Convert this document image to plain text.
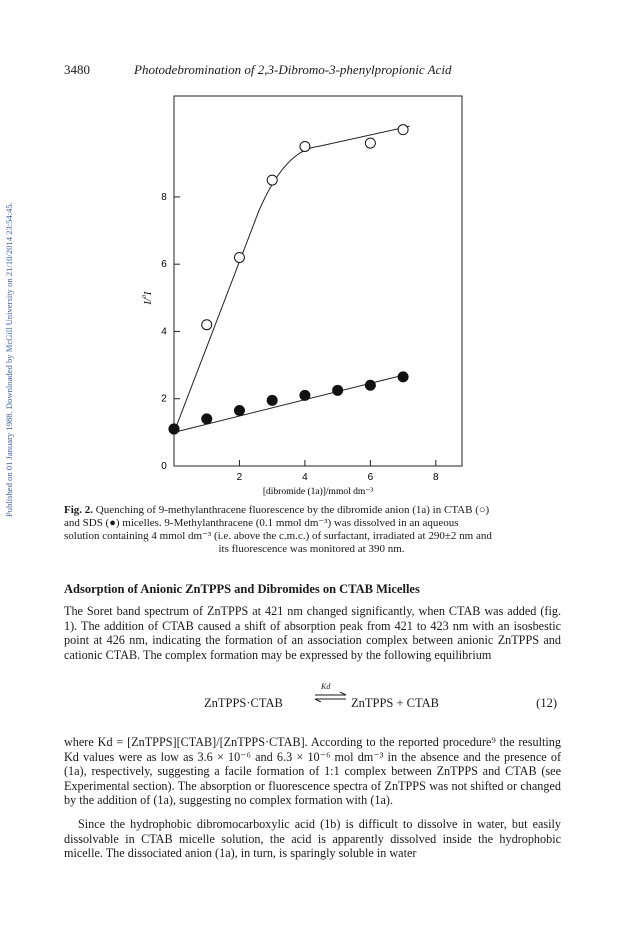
Published on 01 January 1988. Downloaded by McGill University on 21/10/2014 23:54:45.
3480	Photodebromination of 2,3-Dibromo-3-phenylpropionic Acid
2	4	6	8
0
2
4
6
8
[dibromide (1a)]/mmol dm⁻³
I₀/I
Fig. 2. Quenching of 9-methylanthracene fluorescence by the dibromide anion (1a) in CTAB (○)
and SDS (●) micelles. 9-Methylanthracene (0.1 mmol dm⁻³) was dissolved in an aqueous
solution containing 4 mmol dm⁻³ (i.e. above the c.m.c.) of surfactant, irradiated at 290±2 nm and
its fluorescence was monitored at 390 nm.
Adsorption of Anionic ZnTPPS and Dibromides on CTAB Micelles

The Soret band spectrum of ZnTPPS at 421 nm changed significantly, when CTAB was added (fig. 1). The addition of CTAB caused a shift of absorption peak from 421 to 423 nm with an isosbestic point at 426 nm, indicating the formation of an association complex between anionic ZnTPPS and cationic CTAB. The complex formation may be expressed by the following equilibrium

ZnTPPS·CTAB
Kd
⇌ ZnTPPS + CTAB	(12)

where Kd = [ZnTPPS][CTAB]/[ZnTPPS·CTAB]. According to the reported procedure⁹ the resulting Kd values were as low as 3.6 × 10⁻⁶ and 6.3 × 10⁻⁶ mol dm⁻³ in the absence and the presence of (1a), respectively, suggesting a facile formation of 1:1 complex between ZnTPPS and CTAB (see Experimental section). The absorption or fluorescence spectra of ZnTPPS was not shifted or changed by the addition of (1a), suggesting no complex formation with (1a).

Since the hydrophobic dibromocarboxylic acid (1b) is difficult to dissolve in water, but easily dissolvable in CTAB micelle solution, the acid is apparently dissolved inside the hydrophobic micelle. The dissociated anion (1a), in turn, is sparingly soluble in water
